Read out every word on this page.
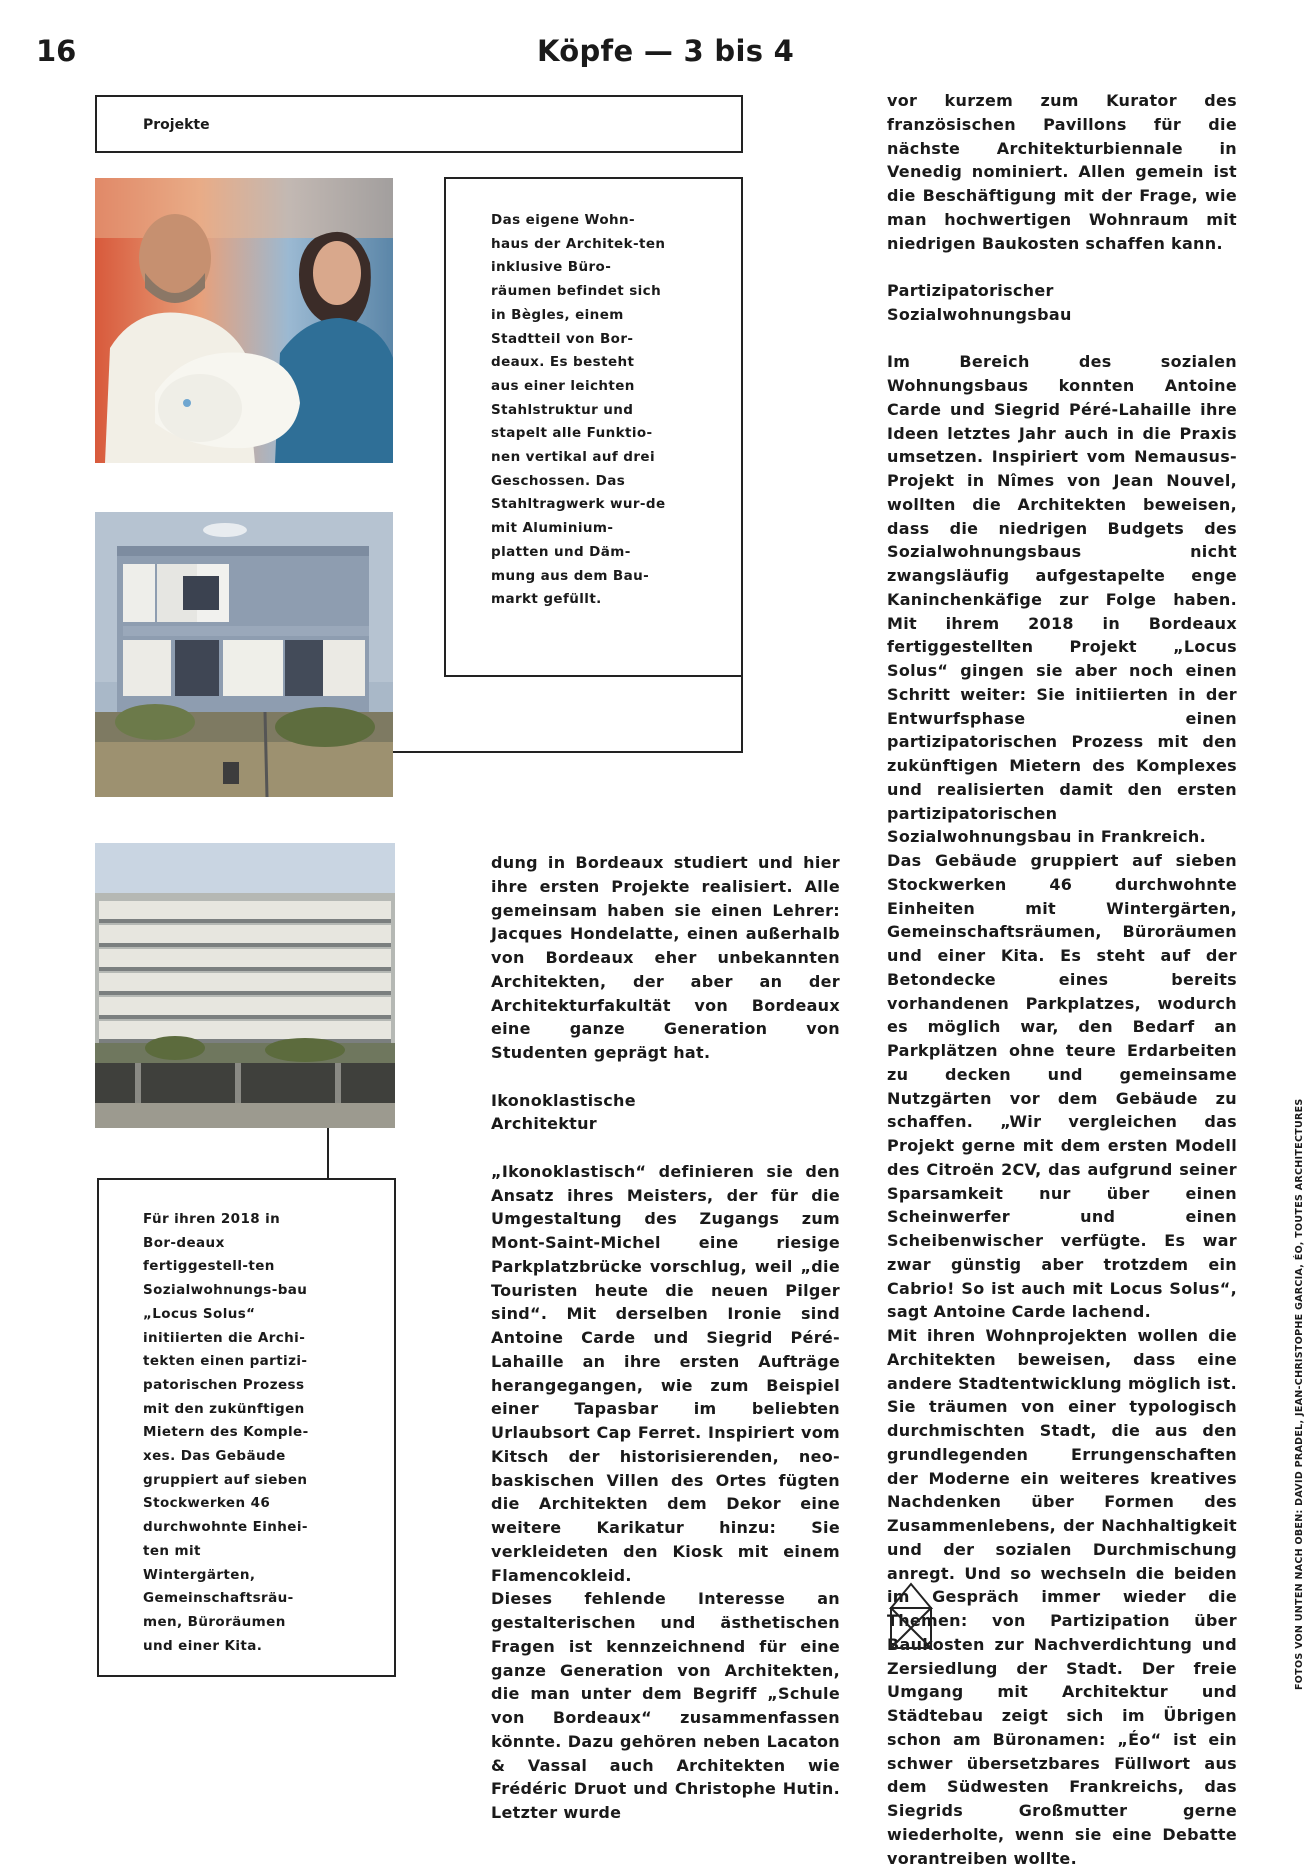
16	Köpfe — 3 bis 4
Projekte
Das eigene Wohn-haus der Architek-ten inklusive Büro-räumen befindet sich in Bègles, einem Stadtteil von Bor-deaux. Es besteht aus einer leichten Stahlstruktur und stapelt alle Funktio-nen vertikal auf drei Geschossen. Das Stahltragwerk wur-de mit Aluminium-platten und Däm-mung aus dem Bau-markt gefüllt.
Für ihren 2018 in Bor-deaux fertiggestell-ten Sozialwohnungs-bau „Locus Solus“ initiierten die Archi-tekten einen partizi-patorischen Prozess mit den zukünftigen Mietern des Komple-xes. Das Gebäude gruppiert auf sieben Stockwerken 46 durchwohnte Einhei-ten mit Wintergärten, Gemeinschaftsräu-men, Büroräumen und einer Kita.

dung in Bordeaux studiert und hier ihre ersten Projekte realisiert. Alle gemeinsam haben sie einen Lehrer: Jacques Hondelatte, einen außerhalb von Bordeaux eher unbekannten Architekten, der aber an der Architekturfakultät von Bordeaux eine ganze Generation von Studenten geprägt hat.

Ikonoklastische

Architektur

„Ikonoklastisch“ definieren sie den Ansatz ihres Meisters, der für die Umgestaltung des Zugangs zum Mont-Saint-Michel eine riesige Parkplatzbrücke vorschlug, weil „die Touristen heute die neuen Pilger sind“. Mit derselben Ironie sind Antoine Carde und Siegrid Péré-Lahaille an ihre ersten Aufträge herangegangen, wie zum Beispiel einer Tapasbar im beliebten Urlaubsort Cap Ferret. Inspiriert vom Kitsch der historisierenden, neo-baskischen Villen des Ortes fügten die Architekten dem Dekor eine weitere Karikatur hinzu: Sie verkleideten den Kiosk mit einem Flamencokleid.

Dieses fehlende Interesse an gestalterischen und ästhetischen Fragen ist kennzeichnend für eine ganze Generation von Architekten, die man unter dem Begriff „Schule von Bordeaux“ zusammenfassen könnte. Dazu gehören neben Lacaton & Vassal auch Architekten wie Frédéric Druot und Christophe Hutin. Letzter wurde

vor kurzem zum Kurator des französischen Pavillons für die nächste Architekturbiennale in Venedig nominiert. Allen gemein ist die Beschäftigung mit der Frage, wie man hochwertigen Wohnraum mit niedrigen Baukosten schaffen kann.

Partizipatorischer

Sozialwohnungsbau

Im Bereich des sozialen Wohnungsbaus konnten Antoine Carde und Siegrid Péré-Lahaille ihre Ideen letztes Jahr auch in die Praxis umsetzen. Inspiriert vom Nemausus-Projekt in Nîmes von Jean Nouvel, wollten die Architekten beweisen, dass die niedrigen Budgets des Sozialwohnungsbaus nicht zwangsläufig aufgestapelte enge Kaninchenkäfige zur Folge haben. Mit ihrem 2018 in Bordeaux fertiggestellten Projekt „Locus Solus“ gingen sie aber noch einen Schritt weiter: Sie initiierten in der Entwurfsphase einen partizipatorischen Prozess mit den zukünftigen Mietern des Komplexes und realisierten damit den ersten partizipatorischen Sozialwohnungsbau in Frankreich.

Das Gebäude gruppiert auf sieben Stockwerken 46 durchwohnte Einheiten mit Wintergärten, Gemeinschaftsräumen, Büroräumen und einer Kita. Es steht auf der Betondecke eines bereits vorhandenen Parkplatzes, wodurch es möglich war, den Bedarf an Parkplätzen ohne teure Erdarbeiten zu decken und gemeinsame Nutzgärten vor dem Gebäude zu schaffen. „Wir vergleichen das Projekt gerne mit dem ersten Modell des Citroën 2CV, das aufgrund seiner Sparsamkeit nur über einen Scheinwerfer und einen Scheibenwischer verfügte. Es war zwar günstig aber trotzdem ein Cabrio! So ist auch mit Locus Solus“, sagt Antoine Carde lachend.

Mit ihren Wohnprojekten wollen die Architekten beweisen, dass eine andere Stadtentwicklung möglich ist. Sie träumen von einer typologisch durchmischten Stadt, die aus den grundlegenden Errungenschaften der Moderne ein weiteres kreatives Nachdenken über Formen des Zusammenlebens, der Nachhaltigkeit und der sozialen Durchmischung anregt. Und so wechseln die beiden im Gespräch immer wieder die Themen: von Partizipation über Baukosten zur Nachverdichtung und Zersiedlung der Stadt. Der freie Umgang mit Architektur und Städtebau zeigt sich im Übrigen schon am Büronamen: „Éo“ ist ein schwer übersetzbares Füllwort aus dem Südwesten Frankreichs, das Siegrids Großmutter gerne wiederholte, wenn sie eine Debatte vorantreiben wollte.

FOTOS VON UNTEN NACH OBEN: DAVID PRADEL, JEAN-CHRISTOPHE GARCIA, ÉO, TOUTES ARCHITECTURES
